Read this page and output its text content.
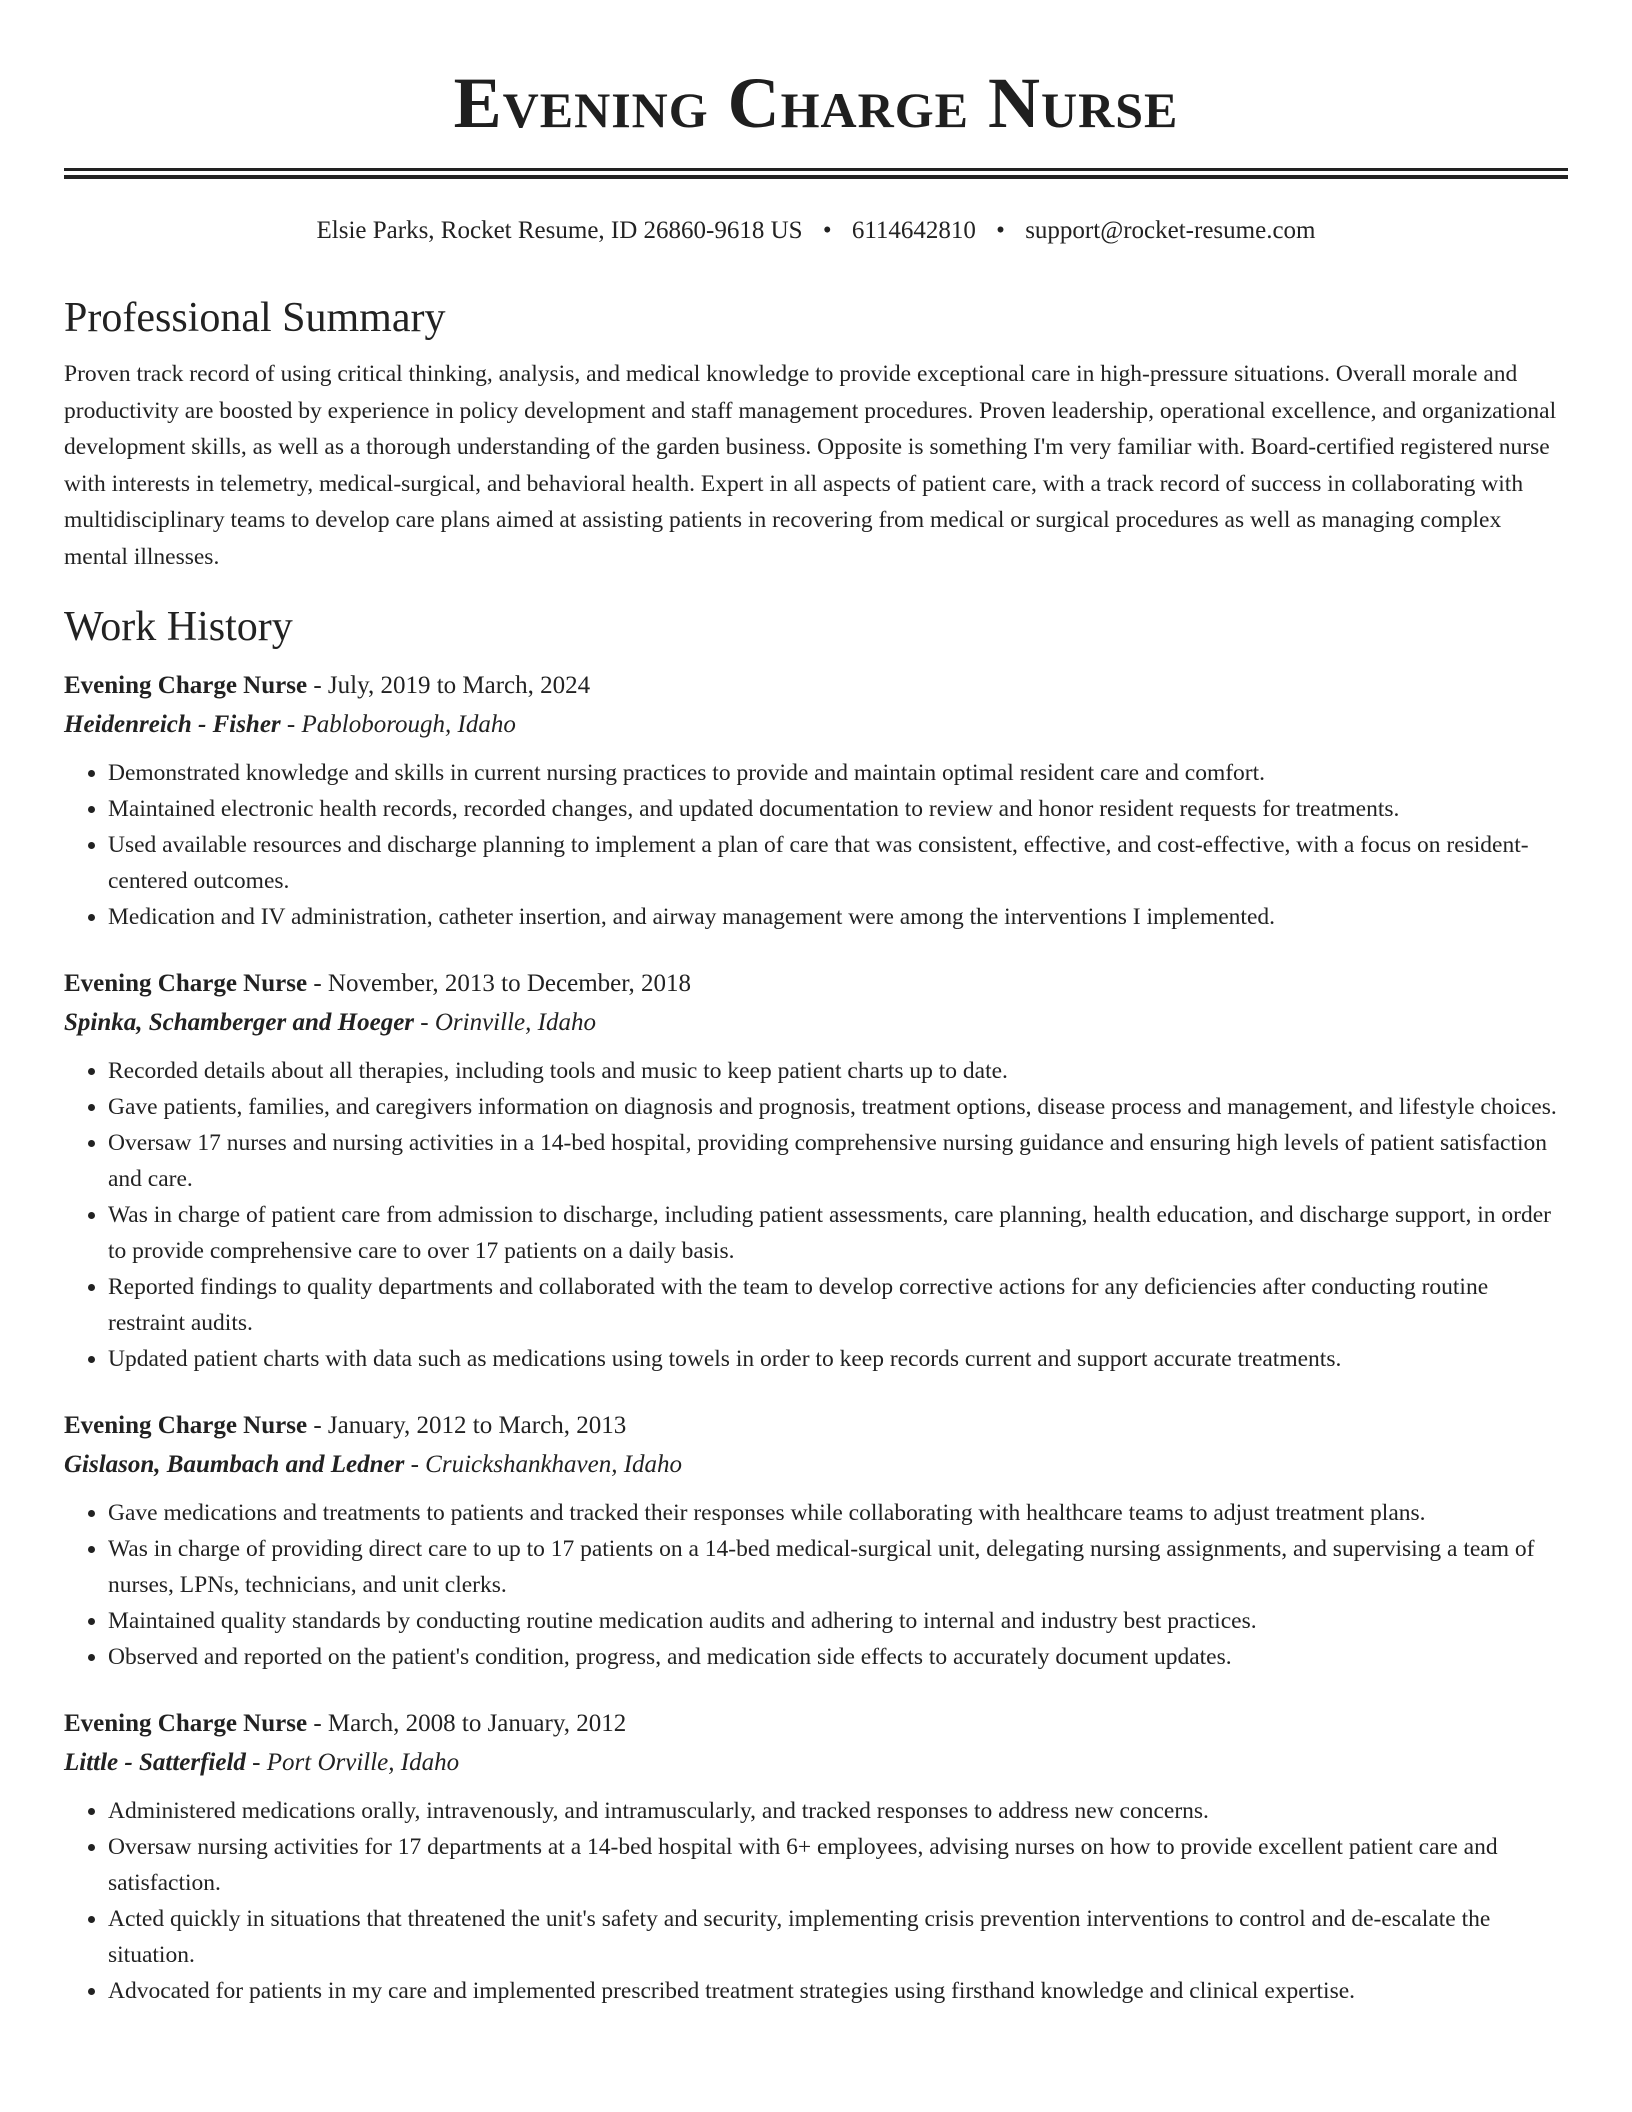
Evening Charge Nurse
Elsie Parks, Rocket Resume, ID 26860-9618 US • 6114642810 • support@rocket-resume.com
Professional Summary

Proven track record of using critical thinking, analysis, and medical knowledge to provide exceptional care in high-pressure situations. Overall morale and productivity are boosted by experience in policy development and staff management procedures. Proven leadership, operational excellence, and organizational development skills, as well as a thorough understanding of the garden business. Opposite is something I'm very familiar with. Board-certified registered nurse with interests in telemetry, medical-surgical, and behavioral health. Expert in all aspects of patient care, with a track record of success in collaborating with multidisciplinary teams to develop care plans aimed at assisting patients in recovering from medical or surgical procedures as well as managing complex mental illnesses.

Work History
Evening Charge Nurse - July, 2019 to March, 2024
Heidenreich - Fisher - Pabloborough, Idaho
• Demonstrated knowledge and skills in current nursing practices to provide and maintain optimal resident care and comfort.
• Maintained electronic health records, recorded changes, and updated documentation to review and honor resident requests for treatments.
• Used available resources and discharge planning to implement a plan of care that was consistent, effective, and cost-effective, with a focus on resident-centered outcomes.
• Medication and IV administration, catheter insertion, and airway management were among the interventions I implemented.
Evening Charge Nurse - November, 2013 to December, 2018
Spinka, Schamberger and Hoeger - Orinville, Idaho
• Recorded details about all therapies, including tools and music to keep patient charts up to date.
• Gave patients, families, and caregivers information on diagnosis and prognosis, treatment options, disease process and management, and lifestyle choices.
• Oversaw 17 nurses and nursing activities in a 14-bed hospital, providing comprehensive nursing guidance and ensuring high levels of patient satisfaction and care.
• Was in charge of patient care from admission to discharge, including patient assessments, care planning, health education, and discharge support, in order to provide comprehensive care to over 17 patients on a daily basis.
• Reported findings to quality departments and collaborated with the team to develop corrective actions for any deficiencies after conducting routine restraint audits.
• Updated patient charts with data such as medications using towels in order to keep records current and support accurate treatments.
Evening Charge Nurse - January, 2012 to March, 2013
Gislason, Baumbach and Ledner - Cruickshankhaven, Idaho
• Gave medications and treatments to patients and tracked their responses while collaborating with healthcare teams to adjust treatment plans.
• Was in charge of providing direct care to up to 17 patients on a 14-bed medical-surgical unit, delegating nursing assignments, and supervising a team of nurses, LPNs, technicians, and unit clerks.
• Maintained quality standards by conducting routine medication audits and adhering to internal and industry best practices.
• Observed and reported on the patient's condition, progress, and medication side effects to accurately document updates.
Evening Charge Nurse - March, 2008 to January, 2012
Little - Satterfield - Port Orville, Idaho
• Administered medications orally, intravenously, and intramuscularly, and tracked responses to address new concerns.
• Oversaw nursing activities for 17 departments at a 14-bed hospital with 6+ employees, advising nurses on how to provide excellent patient care and satisfaction.
• Acted quickly in situations that threatened the unit's safety and security, implementing crisis prevention interventions to control and de-escalate the situation.
• Advocated for patients in my care and implemented prescribed treatment strategies using firsthand knowledge and clinical expertise.
